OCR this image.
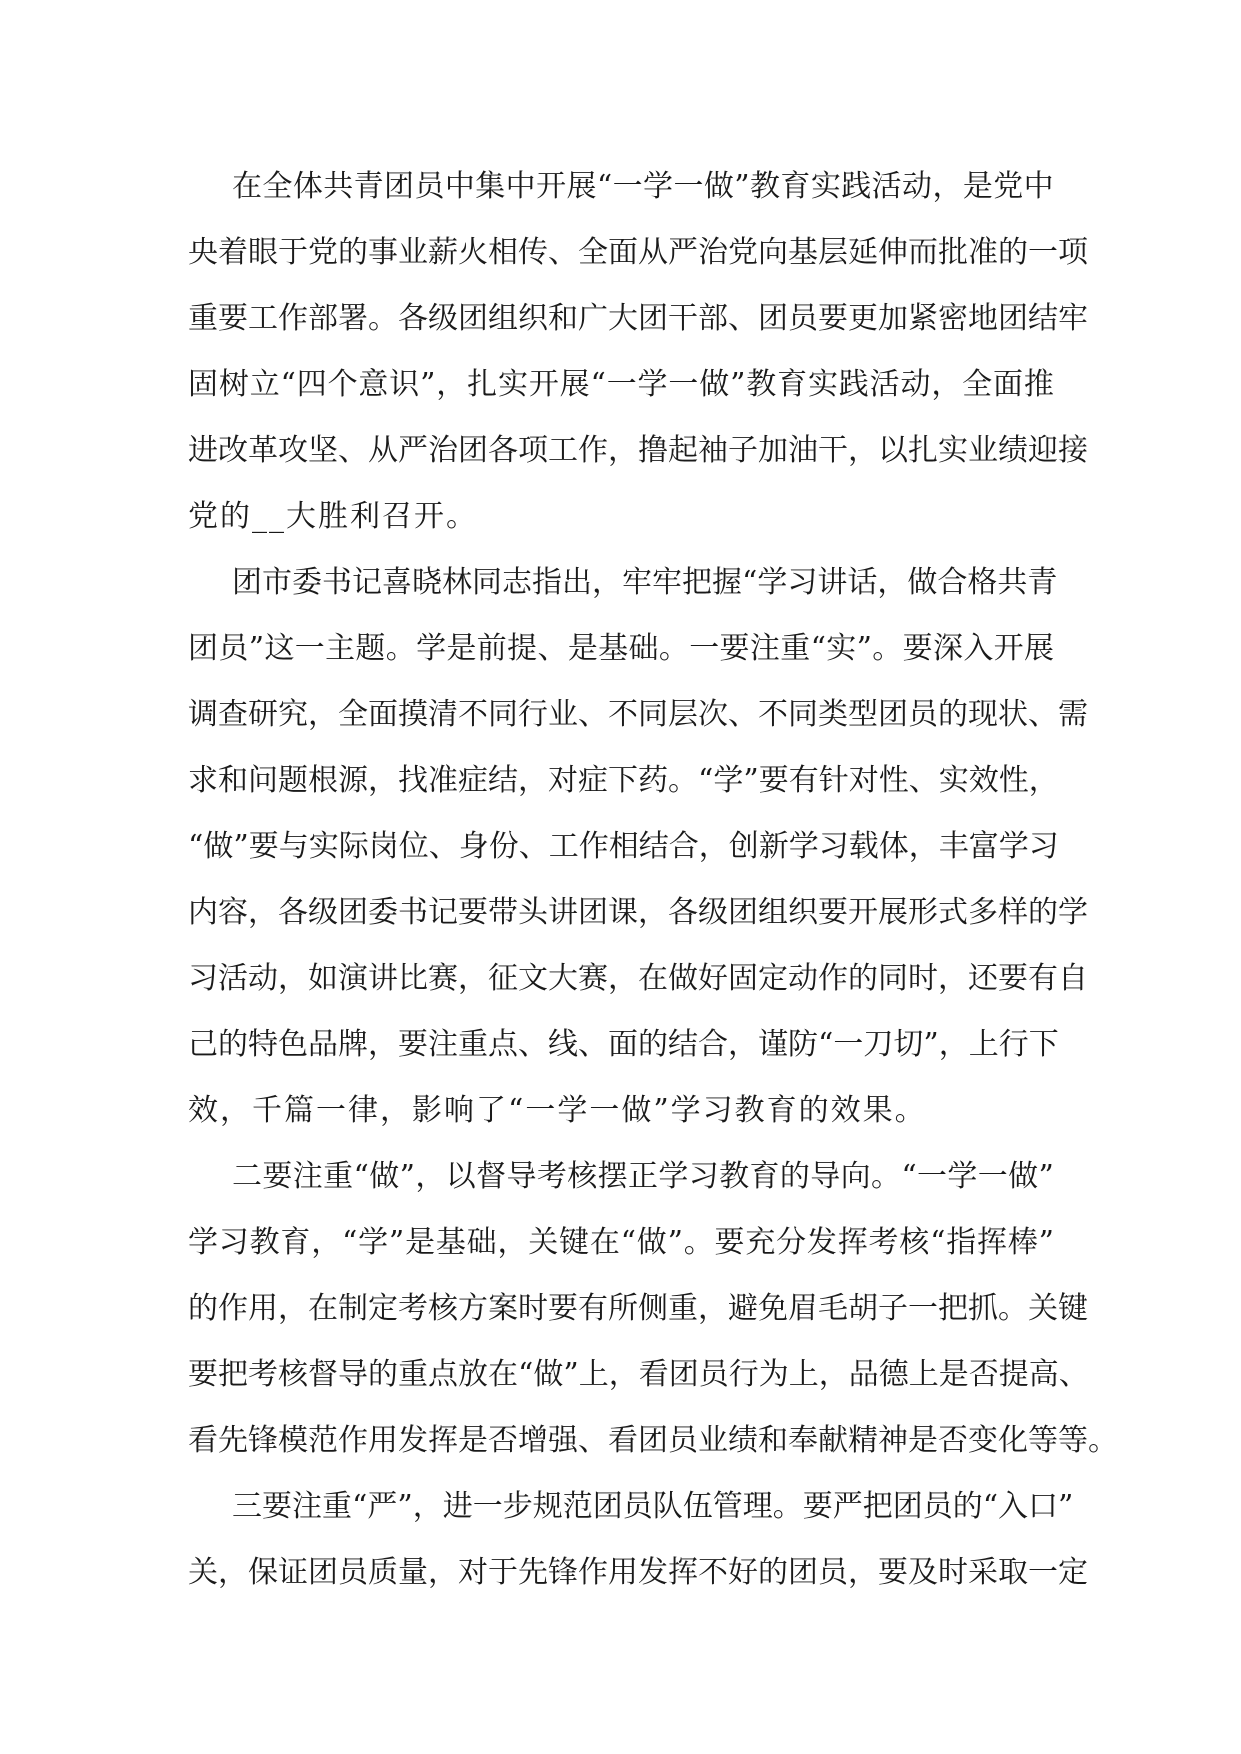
在 全 体 共 青 团 员 中 集 中 开 展 “ 一 学 一 做 ” 教 育 实 践 活 动 ， 是 党 中
央 着 眼 于 党 的 事 业 薪 火 相 传 、 全 面 从 严 治 党 向 基 层 延 伸 而 批 准 的 一 项
重 要 工 作 部 署 。 各 级 团 组 织 和 广 大 团 干 部 、 团 员 要 更 加 紧 密 地 团 结 牢
固 树 立 “ 四 个 意 识 ” ， 扎 实 开 展 “ 一 学 一 做 ” 教 育 实 践 活 动 ， 全 面 推
进 改 革 攻 坚 、 从 严 治 团 各 项 工 作 ， 撸 起 袖 子 加 油 干 ， 以 扎 实 业 绩 迎 接
党的__大胜利召开。
团 市 委 书 记 喜 晓 林 同 志 指 出 ， 牢 牢 把 握 “ 学 习 讲 话 ， 做 合 格 共 青
团 员 ” 这 一 主 题 。 学 是 前 提 、 是 基 础 。 一 要 注 重 “ 实 ” 。 要 深 入 开 展
调 查 研 究 ， 全 面 摸 清 不 同 行 业 、 不 同 层 次 、 不 同 类 型 团 员 的 现 状 、 需
求 和 问 题 根 源 ， 找 准 症 结 ， 对 症 下 药 。 “ 学 ” 要 有 针 对 性 、 实 效 性 ，
“ 做 ” 要 与 实 际 岗 位 、 身 份 、 工 作 相 结 合 ， 创 新 学 习 载 体 ， 丰 富 学 习
内 容 ， 各 级 团 委 书 记 要 带 头 讲 团 课 ， 各 级 团 组 织 要 开 展 形 式 多 样 的 学
习 活 动 ， 如 演 讲 比 赛 ， 征 文 大 赛 ， 在 做 好 固 定 动 作 的 同 时 ， 还 要 有 自
己 的 特 色 品 牌 ， 要 注 重 点 、 线 、 面 的 结 合 ， 谨 防 “ 一 刀 切 ” ， 上 行 下
效，千篇一律，影响了“一学一做”学习教育的效果。
二 要 注 重 “ 做 ” ， 以 督 导 考 核 摆 正 学 习 教 育 的 导 向 。 “ 一 学 一 做 ”
学 习 教 育 ， “ 学 ” 是 基 础 ， 关 键 在 “ 做 ” 。 要 充 分 发 挥 考 核 “ 指 挥 棒 ”
的 作 用 ， 在 制 定 考 核 方 案 时 要 有 所 侧 重 ， 避 免 眉 毛 胡 子 一 把 抓 。 关 键
要 把 考 核 督 导 的 重 点 放 在 “ 做 ” 上 ， 看 团 员 行 为 上 ， 品 德 上 是 否 提 高 、
看 先 锋 模 范 作 用 发 挥 是 否 增 强 、 看 团 员 业 绩 和 奉 献 精 神 是 否 变 化 等 等 。
三 要 注 重 “ 严 ” ， 进 一 步 规 范 团 员 队 伍 管 理 。 要 严 把 团 员 的 “ 入 口 ”
关 ， 保 证 团 员 质 量 ， 对 于 先 锋 作 用 发 挥 不 好 的 团 员 ， 要 及 时 采 取 一 定
